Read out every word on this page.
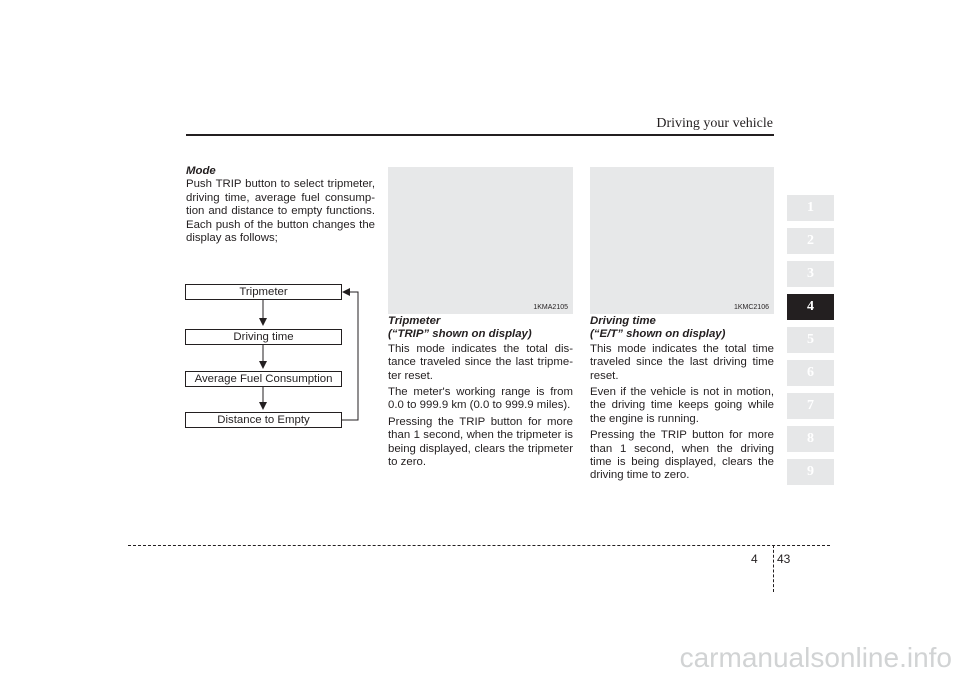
Driving your vehicle
Mode

Push TRIP button to select tripmeter, driving time, average fuel consump- tion and distance to empty functions. Each push of the button changes the display as follows;

Tripmeter
Driving time
Average Fuel Consumption
Distance to Empty
1KMA2105	1KMC2106
Tripmeter
(“TRIP” shown on display)

This mode indicates the total dis- tance traveled since the last tripme- ter reset.

The meter's working range is from 0.0 to 999.9 km (0.0 to 999.9 miles).

Pressing the TRIP button for more than 1 second, when the tripmeter is being displayed, clears the tripmeter to zero.

Driving time
(“E/T” shown on display)

This mode indicates the total time traveled since the last driving time reset.

Even if the vehicle is not in motion, the driving time keeps going while the engine is running.

Pressing the TRIP button for more than 1 second, when the driving time is being displayed, clears the driving time to zero.

1
2
3
4
5
6
7
8
9
4 43
carmanualsonline.info
